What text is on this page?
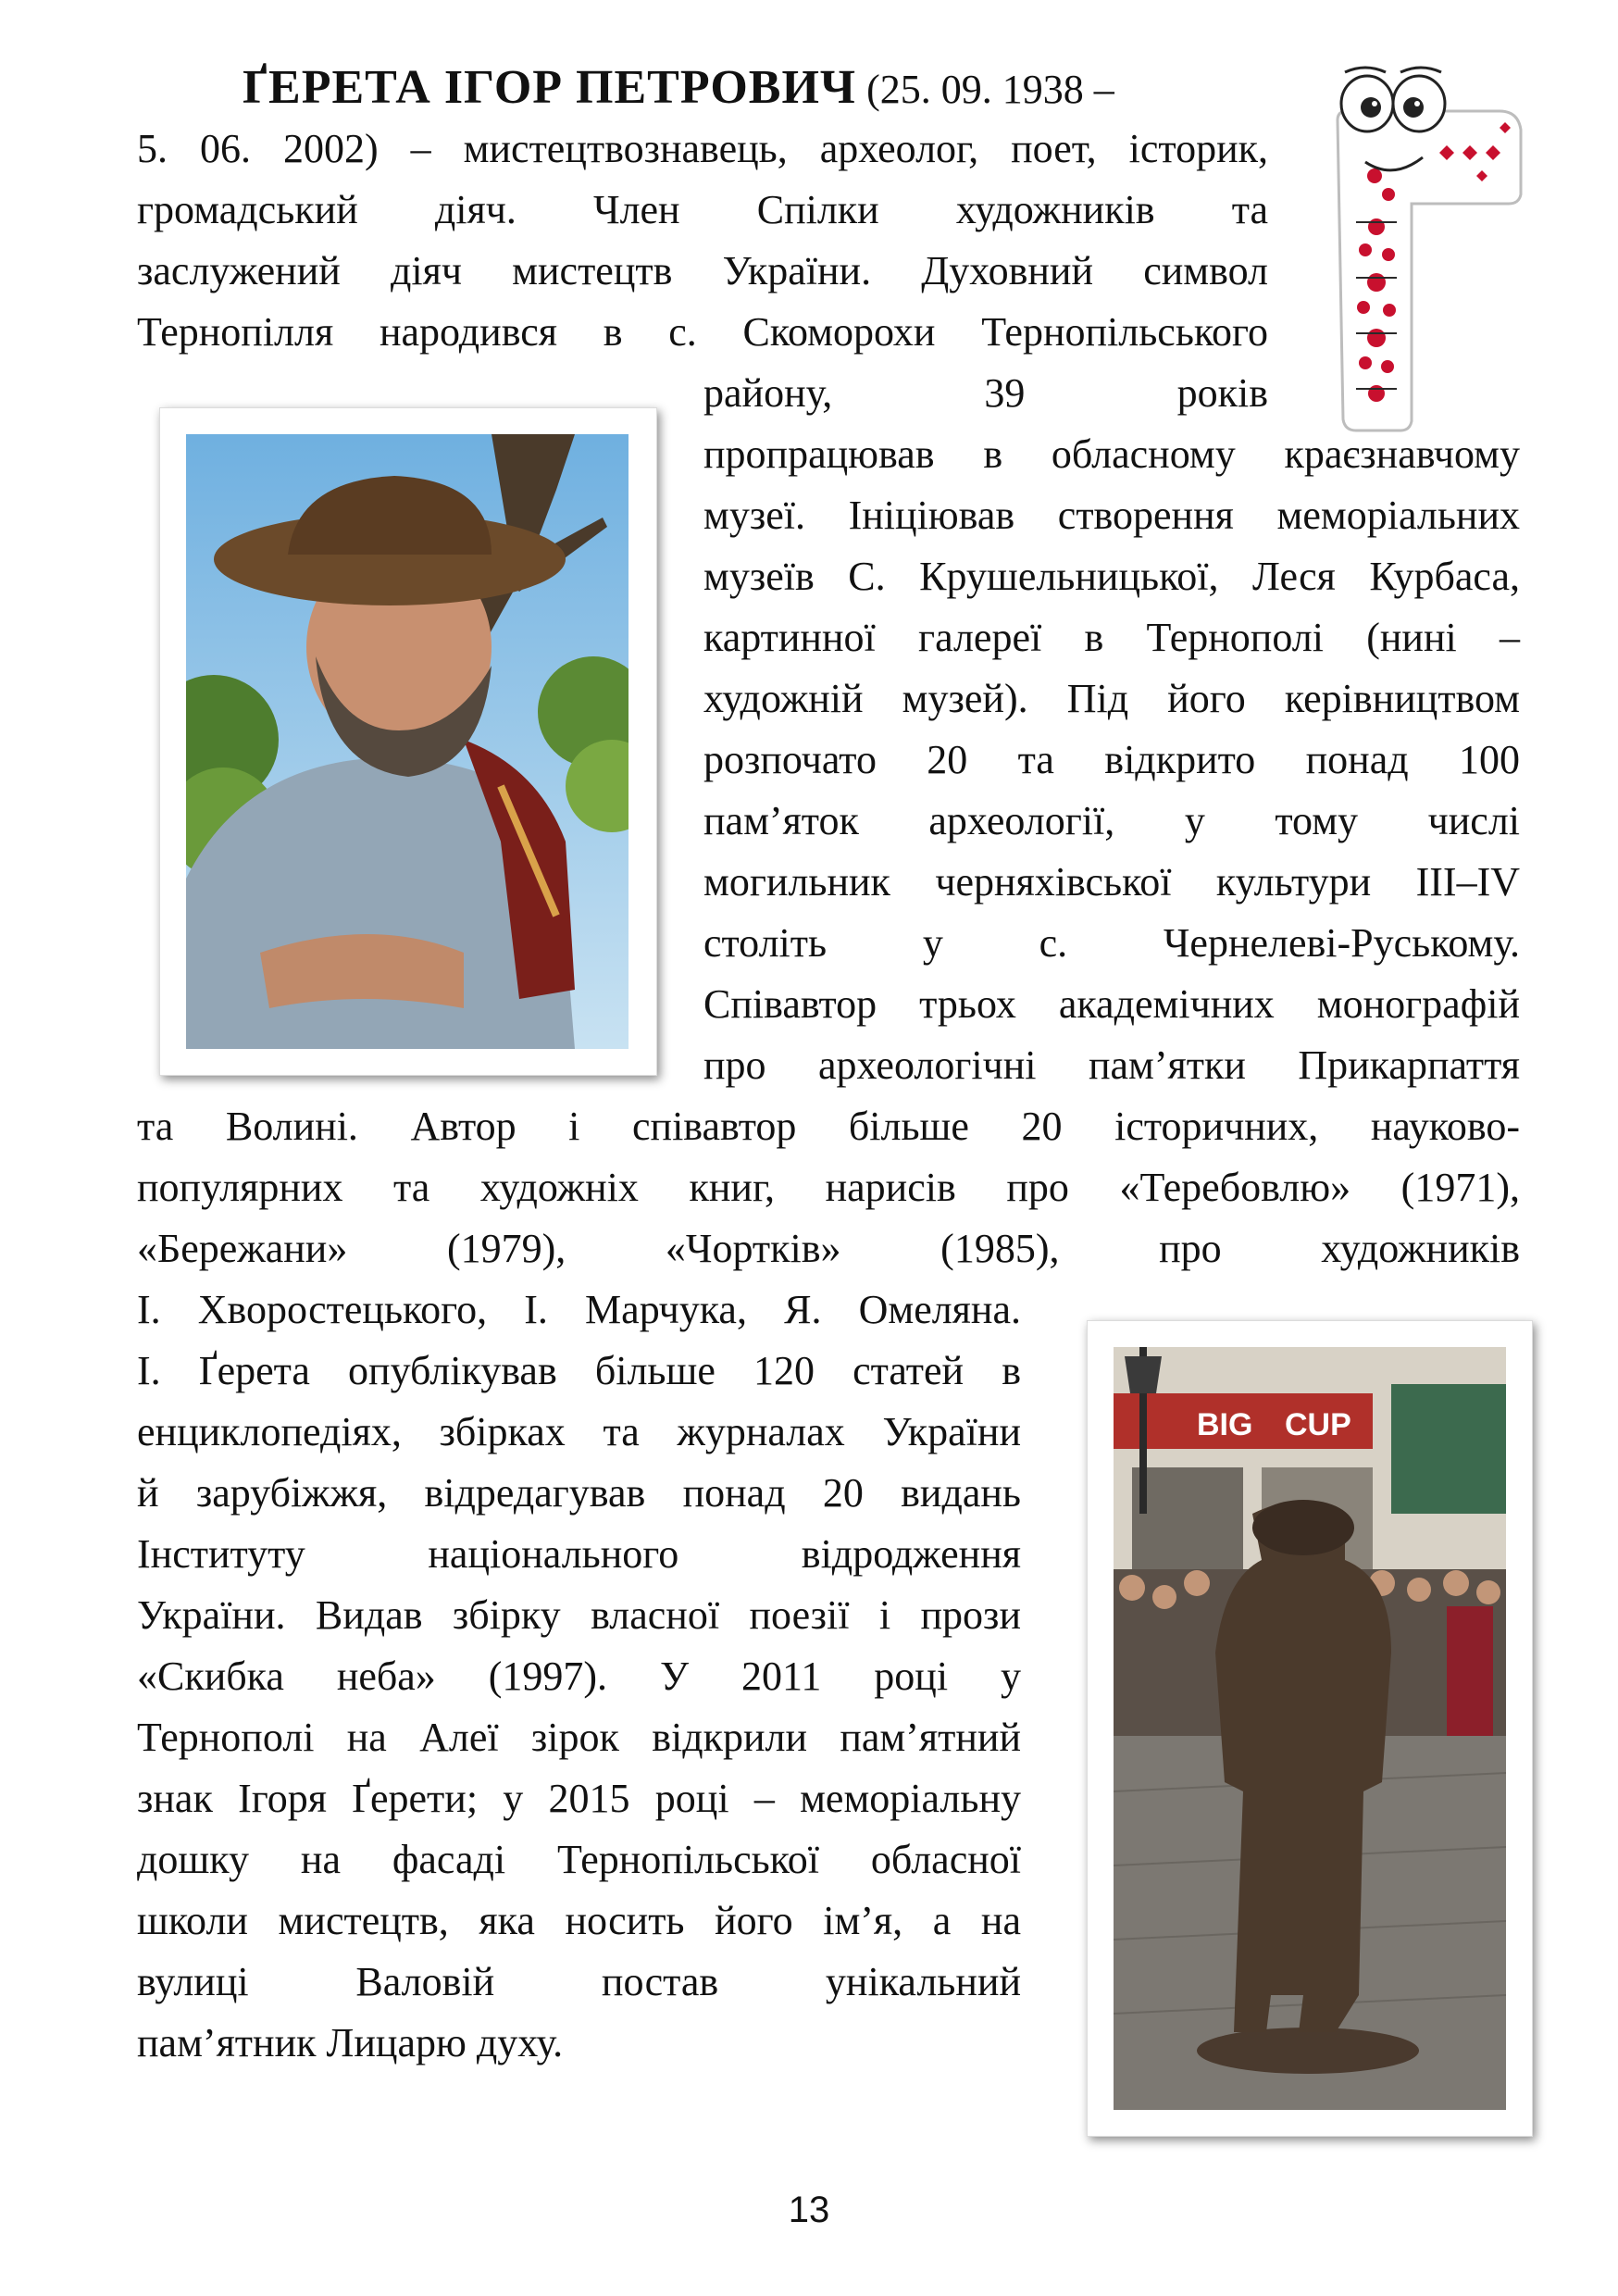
ҐЕРЕТА ІГОР ПЕТРОВИЧ (25. 09. 1938 –
5. 06. 2002) – мистецтвознавець, археолог, поет, історик,
громадський діяч. Член Спілки художників та
заслужений діяч мистецтв України. Духовний символ
Тернопілля народився в с. Скоморохи Тернопільського
району, 39 років
пропрацював в обласному краєзнавчому
музеї. Ініціював створення меморіальних
музеїв С. Крушельницької, Леся Курбаса,
картинної галереї в Тернополі (нині –
художній музей). Під його керівництвом
розпочато 20 та відкрито понад 100
пам’яток археології, у тому числі
могильник черняхівської культури III–IV
століть у с. Чернелеві-Руському.
Співавтор трьох академічних монографій
про археологічні пам’ятки Прикарпаття
та Волині. Автор і співавтор більше 20 історичних, науково-
популярних та художніх книг, нарисів про «Теребовлю» (1971),
«Бережани» (1979), «Чортків» (1985), про художників
І. Хворостецького, І. Марчука, Я. Омеляна.
І. Ґерета опублікував більше 120 статей в
енциклопедіях, збірках та журналах України
й зарубіжжя, відредагував понад 20 видань
Інституту національного відродження
України. Видав збірку власної поезії і прози
«Скибка неба» (1997). У 2011 році у
Тернополі на Алеї зірок відкрили пам’ятний
знак Ігоря Ґерети; у 2015 році – меморіальну
дошку на фасаді Тернопільської обласної
школи мистецтв, яка носить його ім’я, а на
вулиці Валовій постав унікальний
пам’ятник Лицарю духу.
BIG CUP
13
